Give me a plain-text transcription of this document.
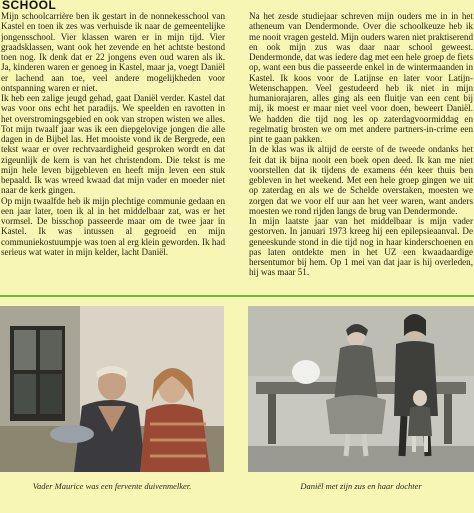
SCHOOL

Mijn schoolcarrière ben ik gestart in de nonnekesschool van Kastel en toen ik zes was verhuisde ik naar de gemeentelijke jongensschool. Vier klassen waren er in mijn tijd. Vier graadsklassen, want ook het zevende en het achtste bestond toen nog. Ik denk dat er 22 jongens even oud waren als ik. Ja, kinderen waren er genoeg in Kastel, maar ja, voegt Daniël er lachend aan toe, veel andere mogelijkheden voor ontspanning waren er niet.

Ik heb een zalige jeugd gehad, gaat Daniël verder. Kastel dat was voor ons echt het paradijs. We speelden en ravotten in het overstromingsgebied en ook van stropen wisten we alles. Tot mijn twaalf jaar was ik een diepgelovige jongen die alle dagen in de Bijbel las. Het mooiste vond ik de Bergrede, een tekst waar er over rechtvaardigheid gesproken wordt en dat zigeunlijk de kern is van het christendom. Die tekst is me mijn hele leven bijgebleven en heeft mijn leven een stuk bepaald. Ik was wreed kwaad dat mijn vader en moeder niet naar de kerk gingen.

Op mijn twaalfde heb ik mijn plechtige communie gedaan en een jaar later, toen ik al in het middelbaar zat, was er het vormsel. De bisschop passeerde maar om de twee jaar in Kastel. Ik was intussen al gegroeid en mijn communiekostuumpje was toen al erg klein geworden. Ik had serieus wat water in mijn kelder, lacht Daniël.

Na het zesde studiejaar schreven mijn ouders me in in het atheneum van Dendermonde. Over die schoolkeuze heb ik me nooit vragen gesteld. Mijn ouders waren niet praktiserend en ook mijn zus was daar naar school geweest. Dendermonde, dat was iedere dag met een hele groep de fiets op, want een bus die passeerde enkel in de wintermaanden in Kastel. Ik koos voor de Latijnse en later voor Latijn-Wetenschappen. Veel gestudeerd heb ik niet in mijn humaniorajaren, alles ging als een fluitje van een cent bij mij, ik moest er maar niet veel voor doen, beweert Daniël. We hadden die tijd nog les op zaterdagvoormiddag en regelmatig brosten we om met andere partners-in-crime een pint te gaan pakken.

In de klas was ik altijd de eerste of de tweede ondanks het feit dat ik bijna nooit een boek open deed. Ik kan me niet voorstellen dat ik tijdens de examens één keer thuis ben gebleven in het weekend. Met een hele groep gingen we uit op zaterdag en als we de Schelde overstaken, moesten we zorgen dat we voor elf uur aan het veer waren, want anders moesten we rond rijden langs de brug van Dendermonde.

In mijn laatste jaar van het middelbaar is mijn vader gestorven. In januari 1973 kreeg hij een epilepsieaanval. De geneeskunde stond in die tijd nog in haar kinderschoenen en pas laten ontdekte men in het UZ een kwaadaardige hersentumor bij hem. Op 1 mei van dat jaar is hij overleden, hij was maar 51.

Vader Maurice was een fervente duivenmelker.	Daniël met zijn zus en haar dochter
